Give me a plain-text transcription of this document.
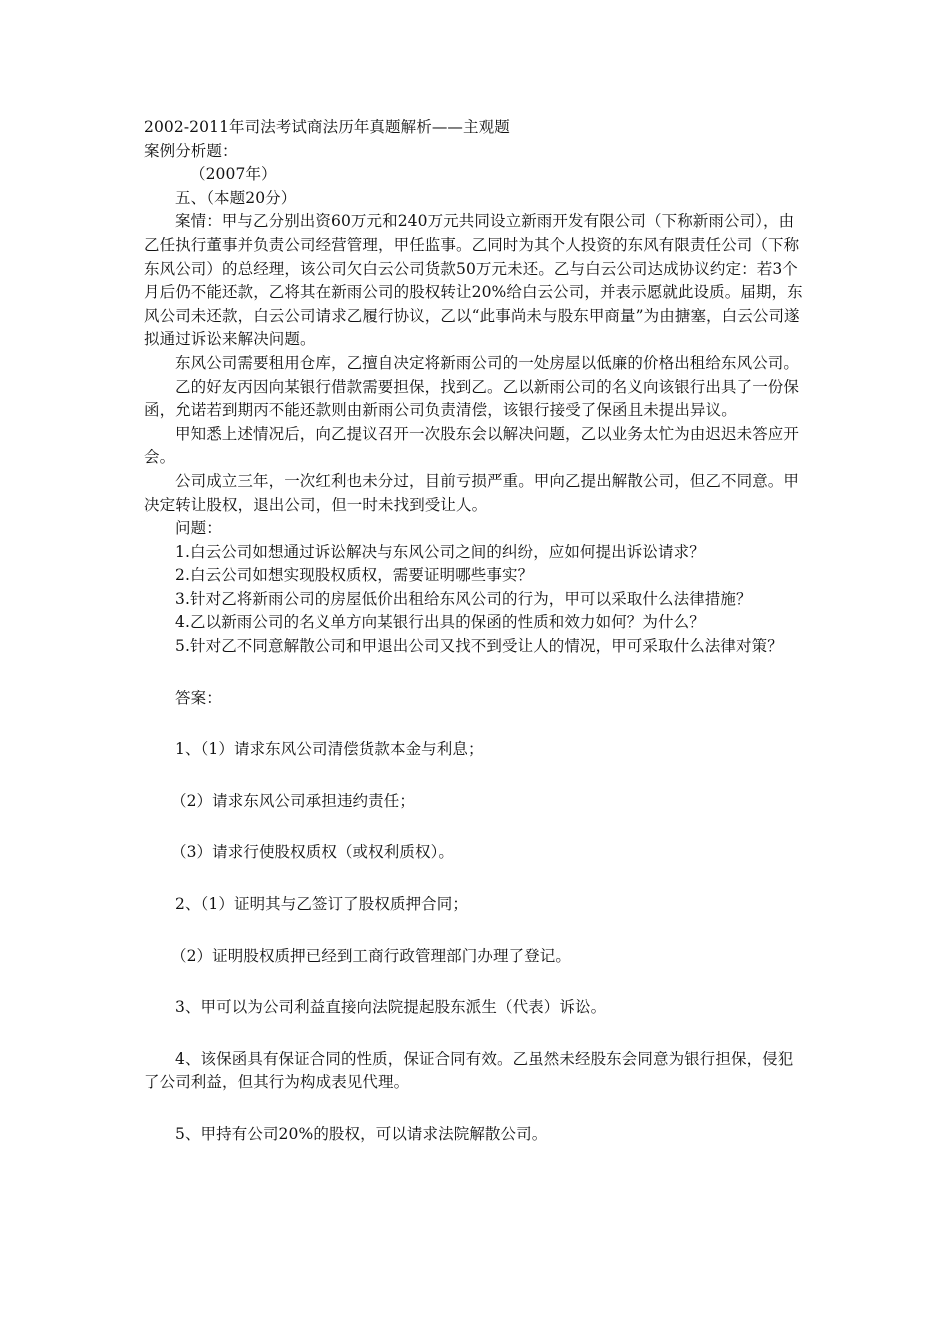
2002-2011年司法考试商法历年真题解析——主观题

案例分析题：

（2007年）

五、（本题20分）

案情：甲与乙分别出资60万元和240万元共同设立新雨开发有限公司（下称新雨公司），由乙任执行董事并负责公司经营管理，甲任监事。乙同时为其个人投资的东风有限责任公司（下称东风公司）的总经理，该公司欠白云公司货款50万元未还。乙与白云公司达成协议约定：若3个月后仍不能还款，乙将其在新雨公司的股权转让20%给白云公司，并表示愿就此设质。届期，东风公司未还款，白云公司请求乙履行协议，乙以“此事尚未与股东甲商量”为由搪塞，白云公司遂拟通过诉讼来解决问题。

东风公司需要租用仓库，乙擅自决定将新雨公司的一处房屋以低廉的价格出租给东风公司。

乙的好友丙因向某银行借款需要担保，找到乙。乙以新雨公司的名义向该银行出具了一份保函，允诺若到期丙不能还款则由新雨公司负责清偿，该银行接受了保函且未提出异议。

甲知悉上述情况后，向乙提议召开一次股东会以解决问题，乙以业务太忙为由迟迟未答应开会。

公司成立三年，一次红利也未分过，目前亏损严重。甲向乙提出解散公司，但乙不同意。甲决定转让股权，退出公司，但一时未找到受让人。

问题：

1.白云公司如想通过诉讼解决与东风公司之间的纠纷，应如何提出诉讼请求？

2.白云公司如想实现股权质权，需要证明哪些事实？

3.针对乙将新雨公司的房屋低价出租给东风公司的行为，甲可以采取什么法律措施？

4.乙以新雨公司的名义单方向某银行出具的保函的性质和效力如何？为什么？

5.针对乙不同意解散公司和甲退出公司又找不到受让人的情况，甲可采取什么法律对策？

答案：

1、（1）请求东风公司清偿货款本金与利息；

（2）请求东风公司承担违约责任；

（3）请求行使股权质权（或权利质权）。

2、（1）证明其与乙签订了股权质押合同；

（2）证明股权质押已经到工商行政管理部门办理了登记。

3、甲可以为公司利益直接向法院提起股东派生（代表）诉讼。

4、该保函具有保证合同的性质，保证合同有效。乙虽然未经股东会同意为银行担保，侵犯了公司利益，但其行为构成表见代理。

5、甲持有公司20%的股权，可以请求法院解散公司。
